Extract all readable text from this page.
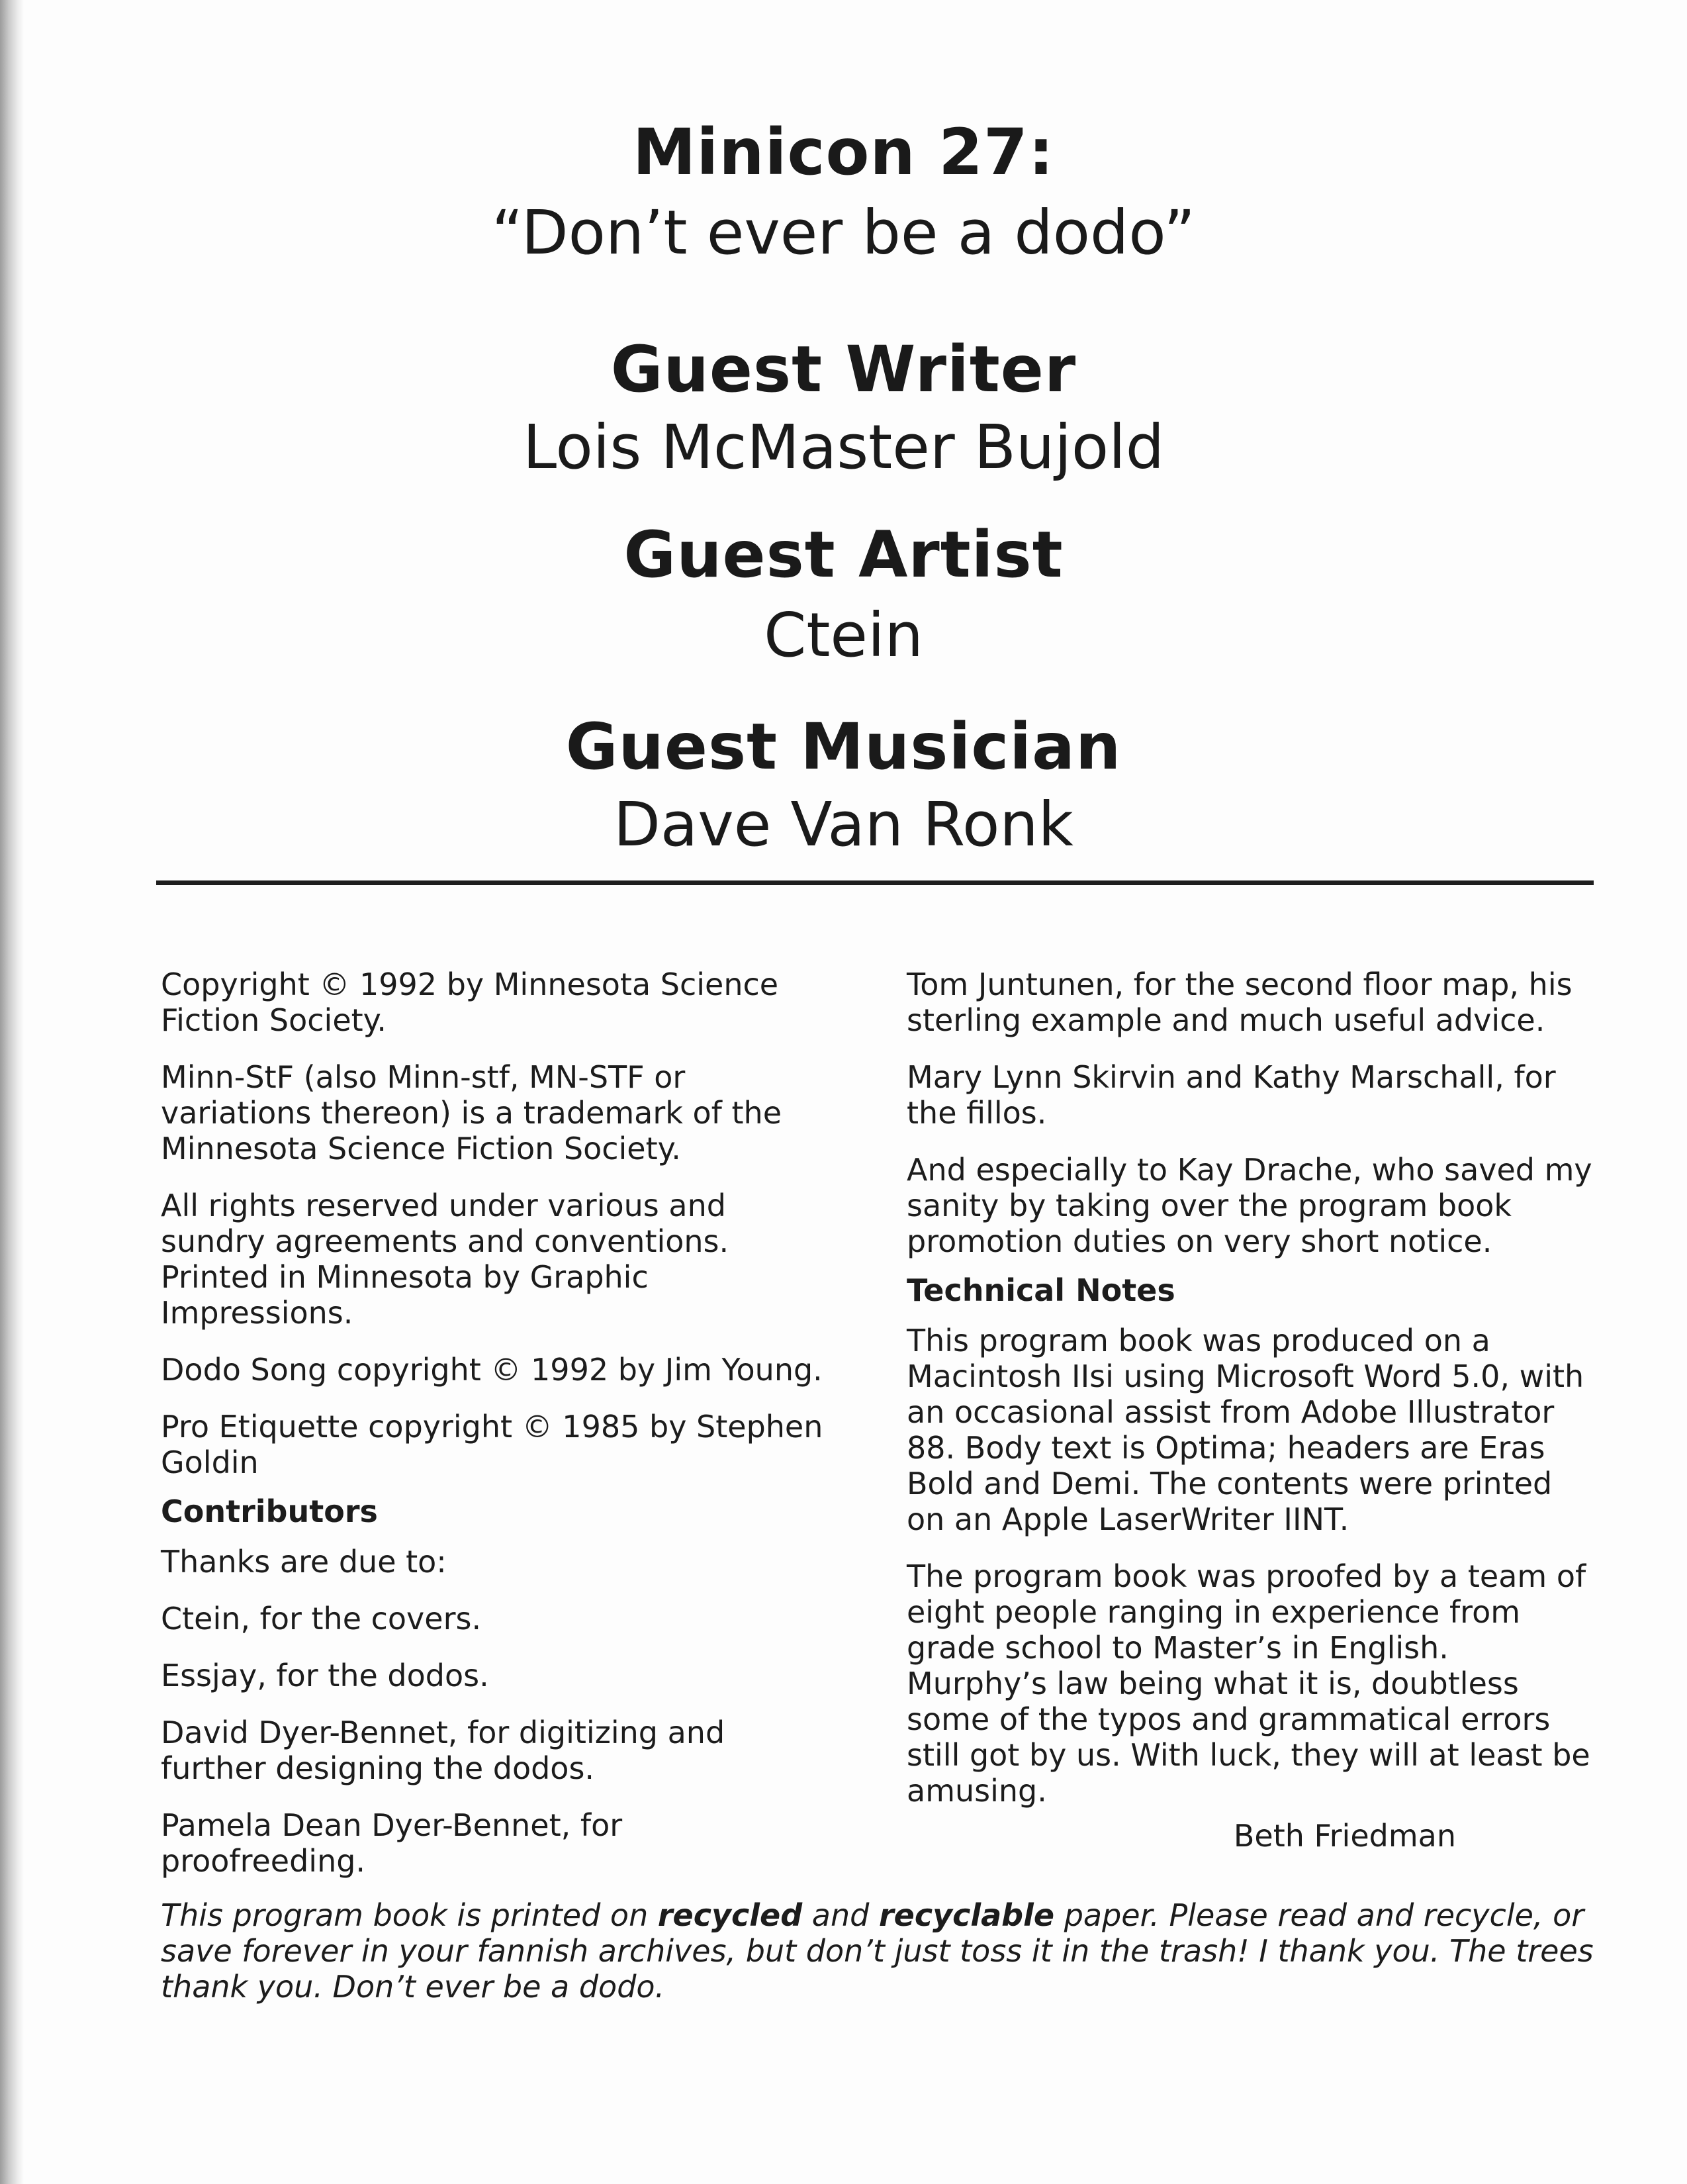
Minicon 27:
“Don’t ever be a dodo”
Guest Writer
Lois McMaster Bujold
Guest Artist
Ctein
Guest Musician
Dave Van Ronk

Copyright © 1992 by Minnesota Science Fiction Society.

Minn-StF (also Minn-stf, MN-STF or variations thereon) is a trademark of the Minnesota Science Fiction Society.

All rights reserved under various and sundry agreements and conventions. Printed in Minnesota by Graphic Impressions.

Dodo Song copyright © 1992 by Jim Young.

Pro Etiquette copyright © 1985 by Stephen Goldin

Contributors

Thanks are due to:

Ctein, for the covers.

Essjay, for the dodos.

David Dyer-Bennet, for digitizing and further designing the dodos.

Pamela Dean Dyer-Bennet, for proofreeding.

Tom Juntunen, for the second floor map, his sterling example and much useful advice.

Mary Lynn Skirvin and Kathy Marschall, for the fillos.

And especially to Kay Drache, who saved my sanity by taking over the program book promotion duties on very short notice.

Technical Notes

This program book was produced on a Macintosh IIsi using Microsoft Word 5.0, with an occasional assist from Adobe Illustrator 88. Body text is Optima; headers are Eras Bold and Demi. The contents were printed on an Apple LaserWriter IINT.

The program book was proofed by a team of eight people ranging in experience from grade school to Master’s in English. Murphy’s law being what it is, doubtless some of the typos and grammatical errors still got by us. With luck, they will at least be amusing.

Beth Friedman
This program book is printed on recycled and recyclable paper. Please read and recycle, or save forever in your fannish archives, but don’t just toss it in the trash! I thank you. The trees thank you. Don’t ever be a dodo.
